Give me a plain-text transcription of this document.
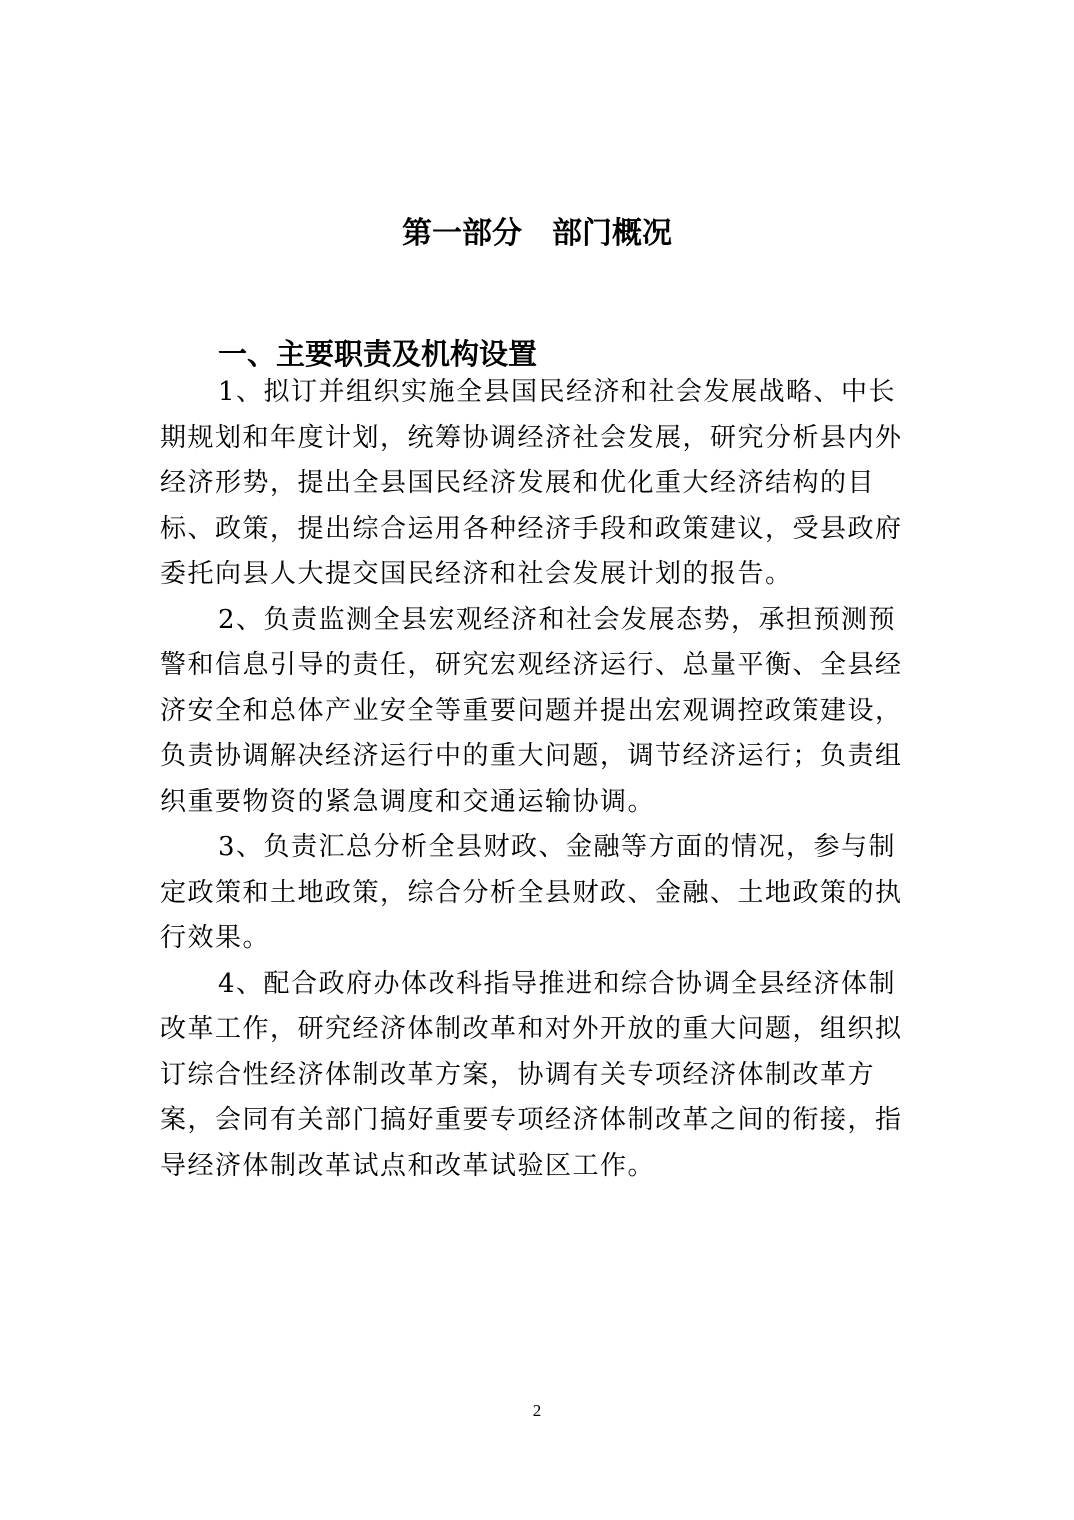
第一部分　部门概况
一、主要职责及机构设置

1、拟订并组织实施全县国民经济和社会发展战略、中长
期规划和年度计划，统筹协调经济社会发展，研究分析县内外
经济形势，提出全县国民经济发展和优化重大经济结构的目
标、政策，提出综合运用各种经济手段和政策建议，受县政府
委托向县人大提交国民经济和社会发展计划的报告。

2、负责监测全县宏观经济和社会发展态势，承担预测预
警和信息引导的责任，研究宏观经济运行、总量平衡、全县经
济安全和总体产业安全等重要问题并提出宏观调控政策建设，
负责协调解决经济运行中的重大问题，调节经济运行；负责组
织重要物资的紧急调度和交通运输协调。

3、负责汇总分析全县财政、金融等方面的情况，参与制
定政策和土地政策，综合分析全县财政、金融、土地政策的执
行效果。

4、配合政府办体改科指导推进和综合协调全县经济体制
改革工作，研究经济体制改革和对外开放的重大问题，组织拟
订综合性经济体制改革方案，协调有关专项经济体制改革方
案，会同有关部门搞好重要专项经济体制改革之间的衔接，指
导经济体制改革试点和改革试验区工作。

2
